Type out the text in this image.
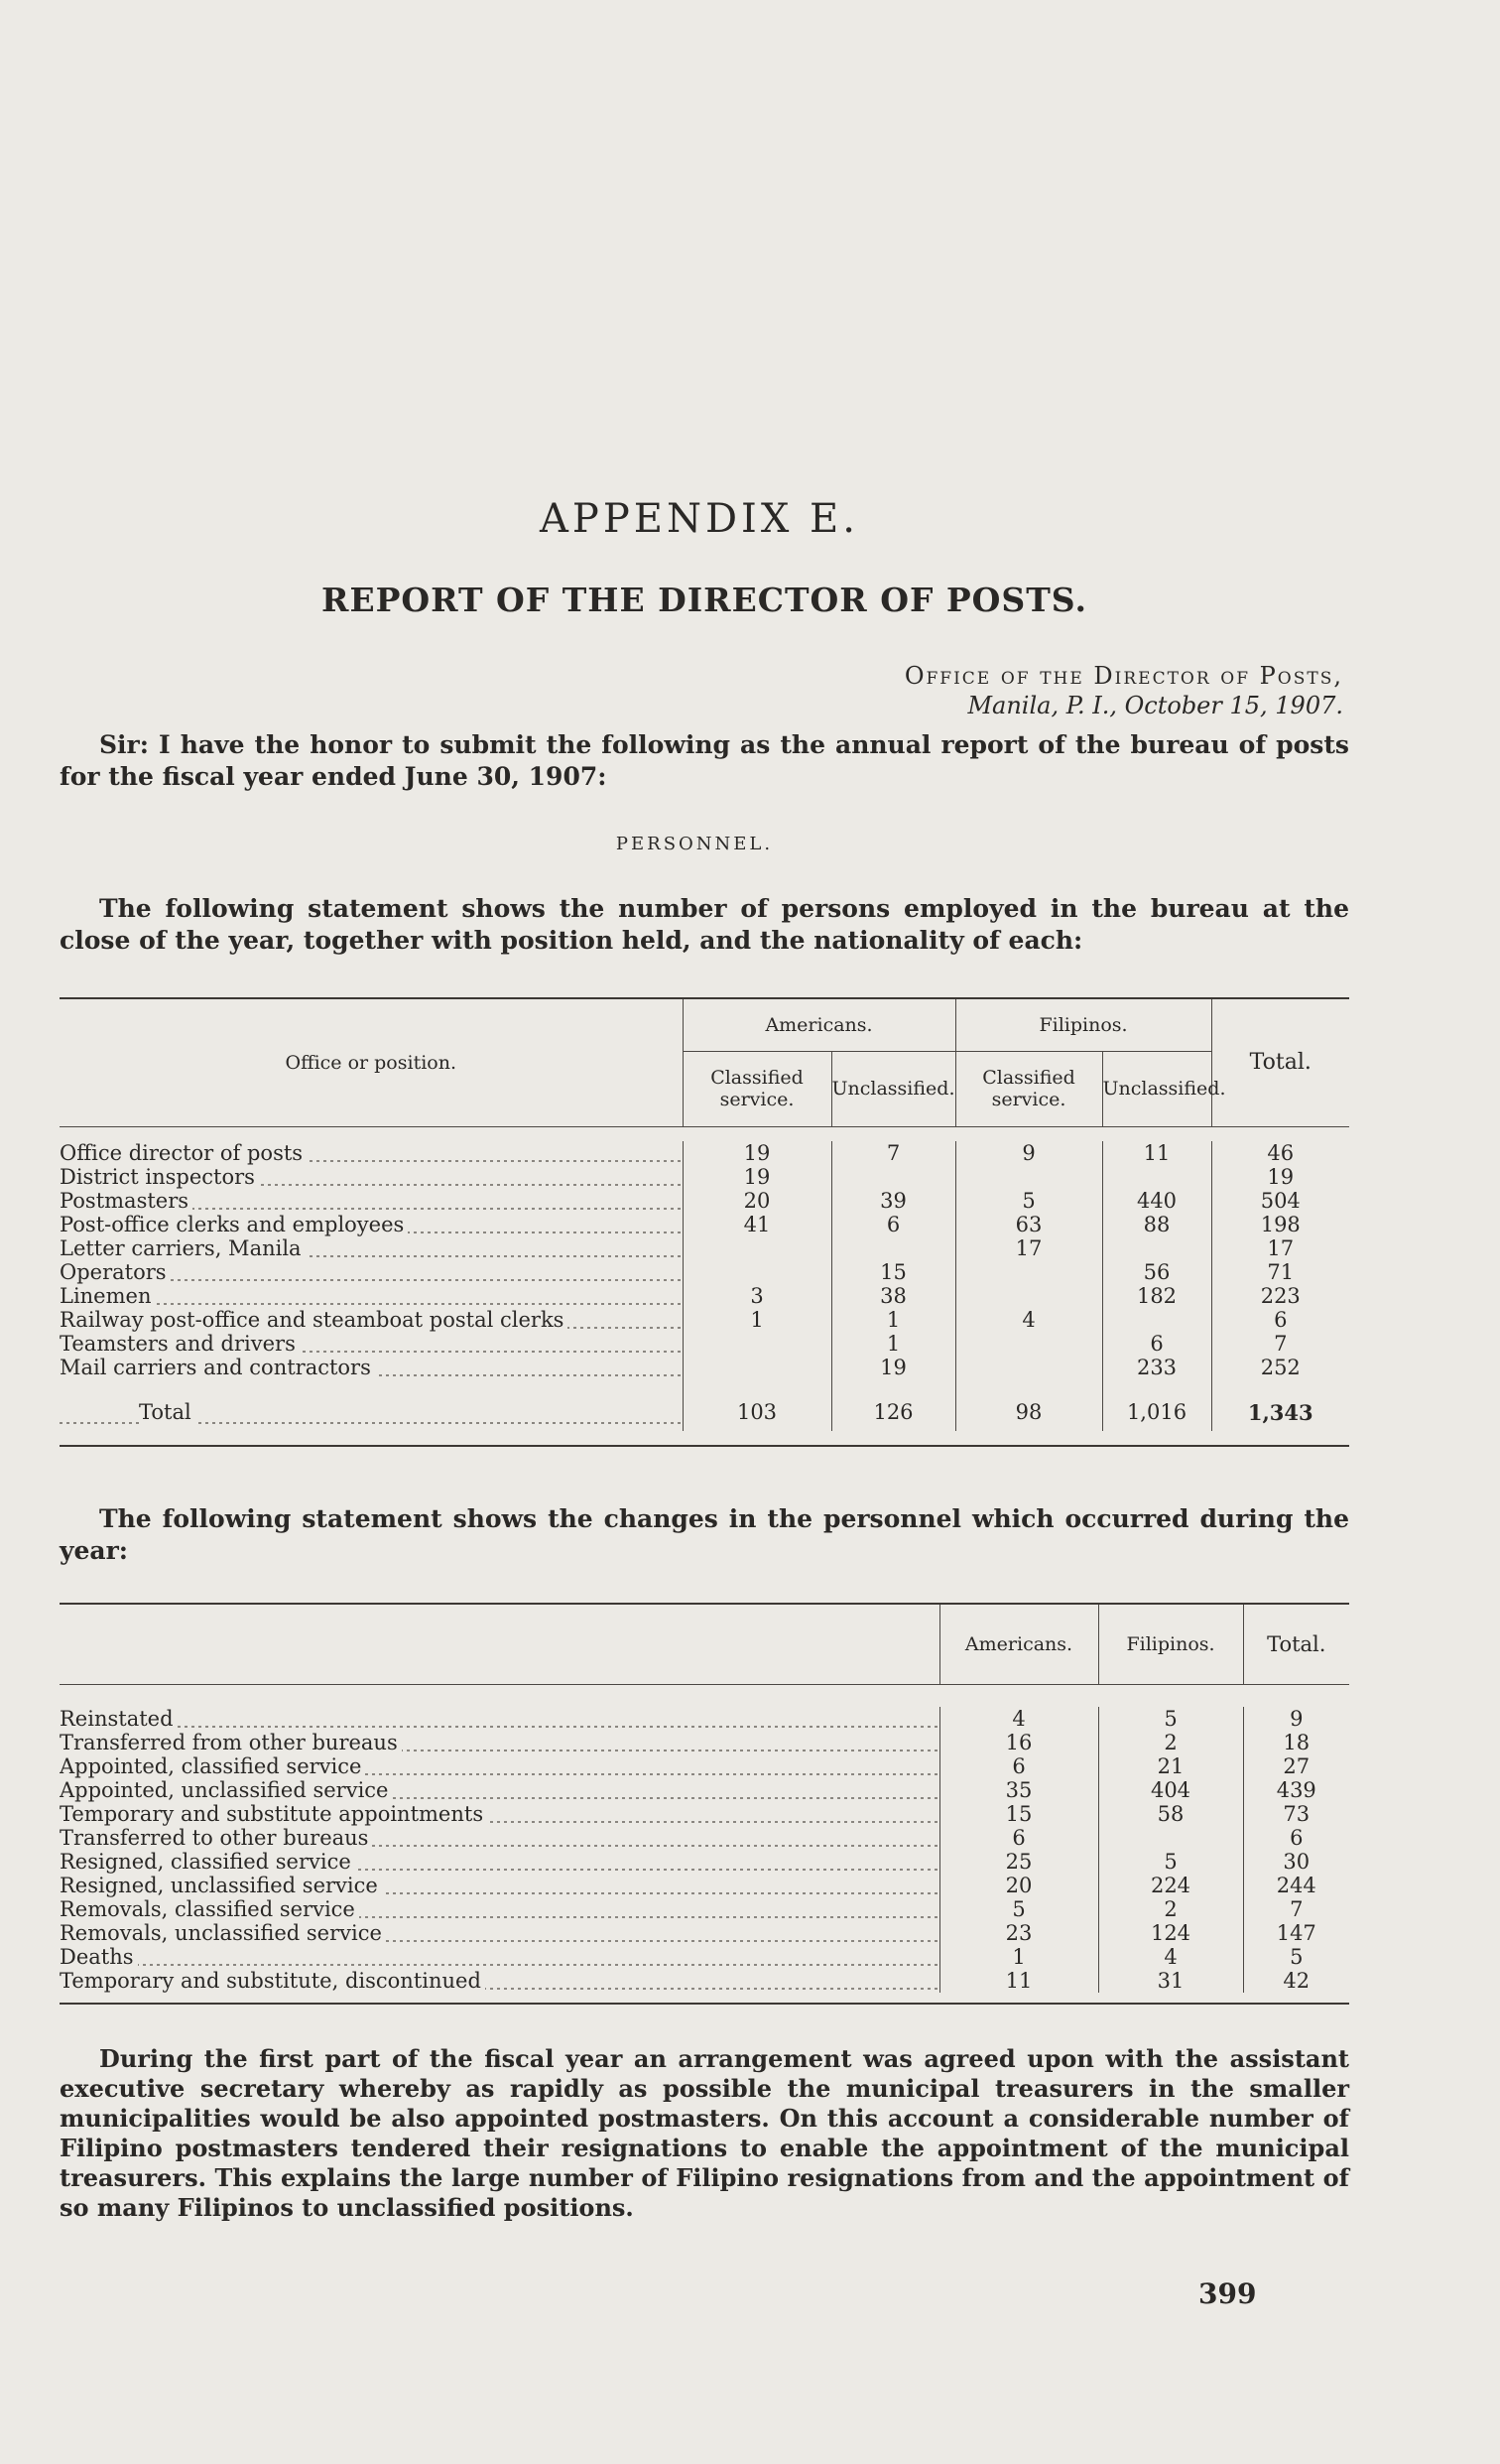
APPENDIX E.
REPORT OF THE DIRECTOR OF POSTS.
Office of the Director of Posts,
Manila, P. I., October 15, 1907.
Sir: I have the honor to submit the following as the annual report of the bureau of posts for the fiscal year ended June 30, 1907:
PERSONNEL.
The following statement shows the number of persons employed in the bureau at the close of the year, together with position held, and the nationality of each:
Office or position.	Americans.		Filipinos.		Total.
	Classified service.	Unclassified.	Classified service.	Unclassified.	
Office director of posts	19	7	9	11	46
District inspectors	19				19
Postmasters	20	39	5	440	504
Post-office clerks and employees	41	6	63	88	198
Letter carriers, Manila			17		17
Operators		15		56	71
Linemen	3	38		182	223
Railway post-office and steamboat postal clerks	1	1	4		6
Teamsters and drivers		1		6	7
Mail carriers and contractors		19		233	252
Total	103	126	98	1,016	1,343
The following statement shows the changes in the personnel which occurred during the year:
	Americans.	Filipinos.	Total.
Reinstated	4	5	9
Transferred from other bureaus	16	2	18
Appointed, classified service	6	21	27
Appointed, unclassified service	35	404	439
Temporary and substitute appointments	15	58	73
Transferred to other bureaus	6		6
Resigned, classified service	25	5	30
Resigned, unclassified service	20	224	244
Removals, classified service	5	2	7
Removals, unclassified service	23	124	147
Deaths	1	4	5
Temporary and substitute, discontinued	11	31	42
During the first part of the fiscal year an arrangement was agreed upon with the assistant executive secretary whereby as rapidly as possible the municipal treasurers in the smaller municipalities would be also appointed postmasters. On this account a considerable number of Filipino postmasters tendered their resignations to enable the appointment of the municipal treasurers. This explains the large number of Filipino resignations from and the appointment of so many Filipinos to unclassified positions.
399
